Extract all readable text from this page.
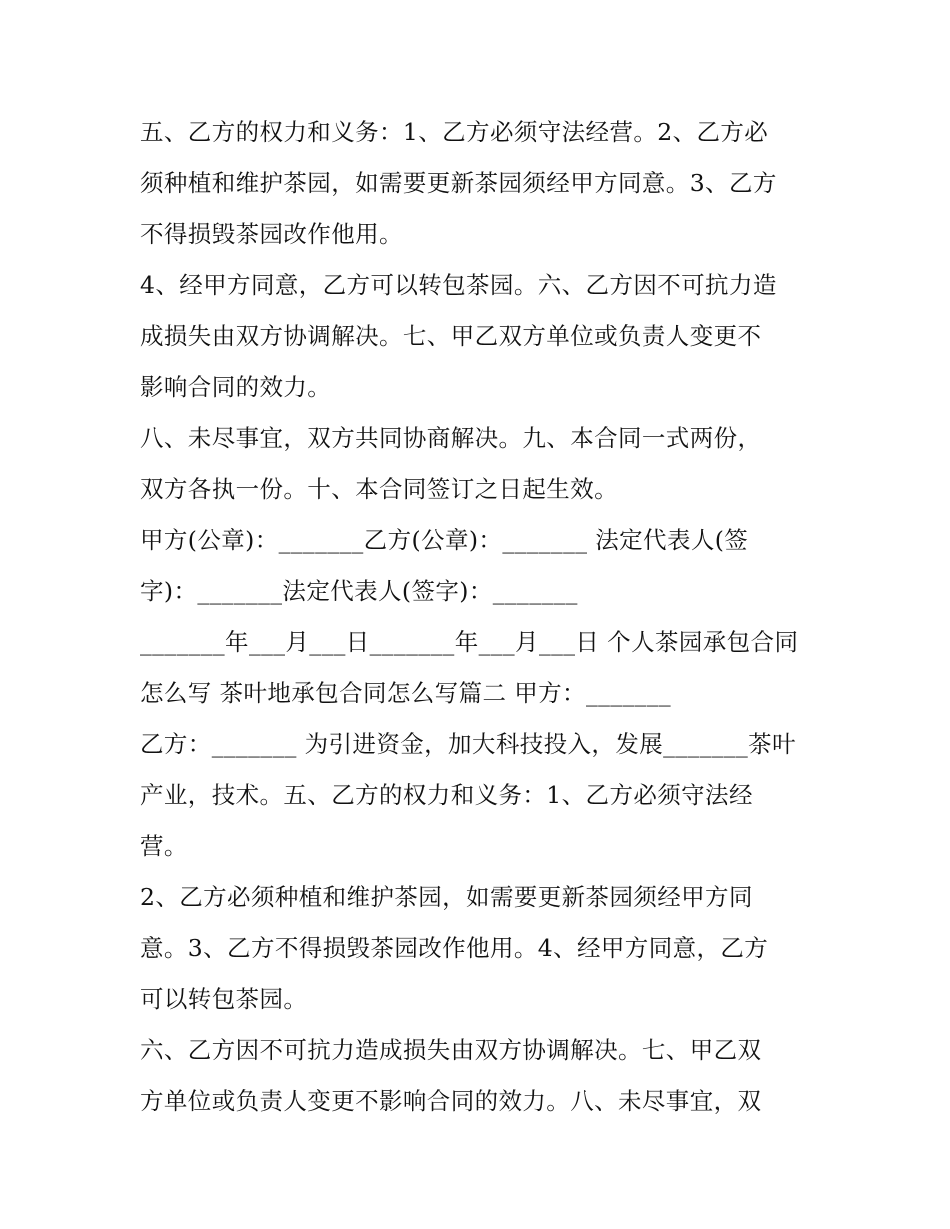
五、乙方的权力和义务：1、乙方必须守法经营。2、乙方必
须种植和维护茶园，如需要更新茶园须经甲方同意。3、乙方
不得损毁茶园改作他用。
4、经甲方同意，乙方可以转包茶园。六、乙方因不可抗力造
成损失由双方协调解决。七、甲乙双方单位或负责人变更不
影响合同的效力。
八、未尽事宜，双方共同协商解决。九、本合同一式两份，
双方各执一份。十、本合同签订之日起生效。
甲方(公章)：_______乙方(公章)：_______ 法定代表人(签
字)：_______法定代表人(签字)：_______
_______年___月___日_______年___月___日 个人茶园承包合同
怎么写 茶叶地承包合同怎么写篇二 甲方：_______
乙方：_______ 为引进资金，加大科技投入，发展_______茶叶
产业，技术。五、乙方的权力和义务：1、乙方必须守法经
营。
2、乙方必须种植和维护茶园，如需要更新茶园须经甲方同
意。3、乙方不得损毁茶园改作他用。4、经甲方同意，乙方
可以转包茶园。
六、乙方因不可抗力造成损失由双方协调解决。七、甲乙双
方单位或负责人变更不影响合同的效力。八、未尽事宜，双
